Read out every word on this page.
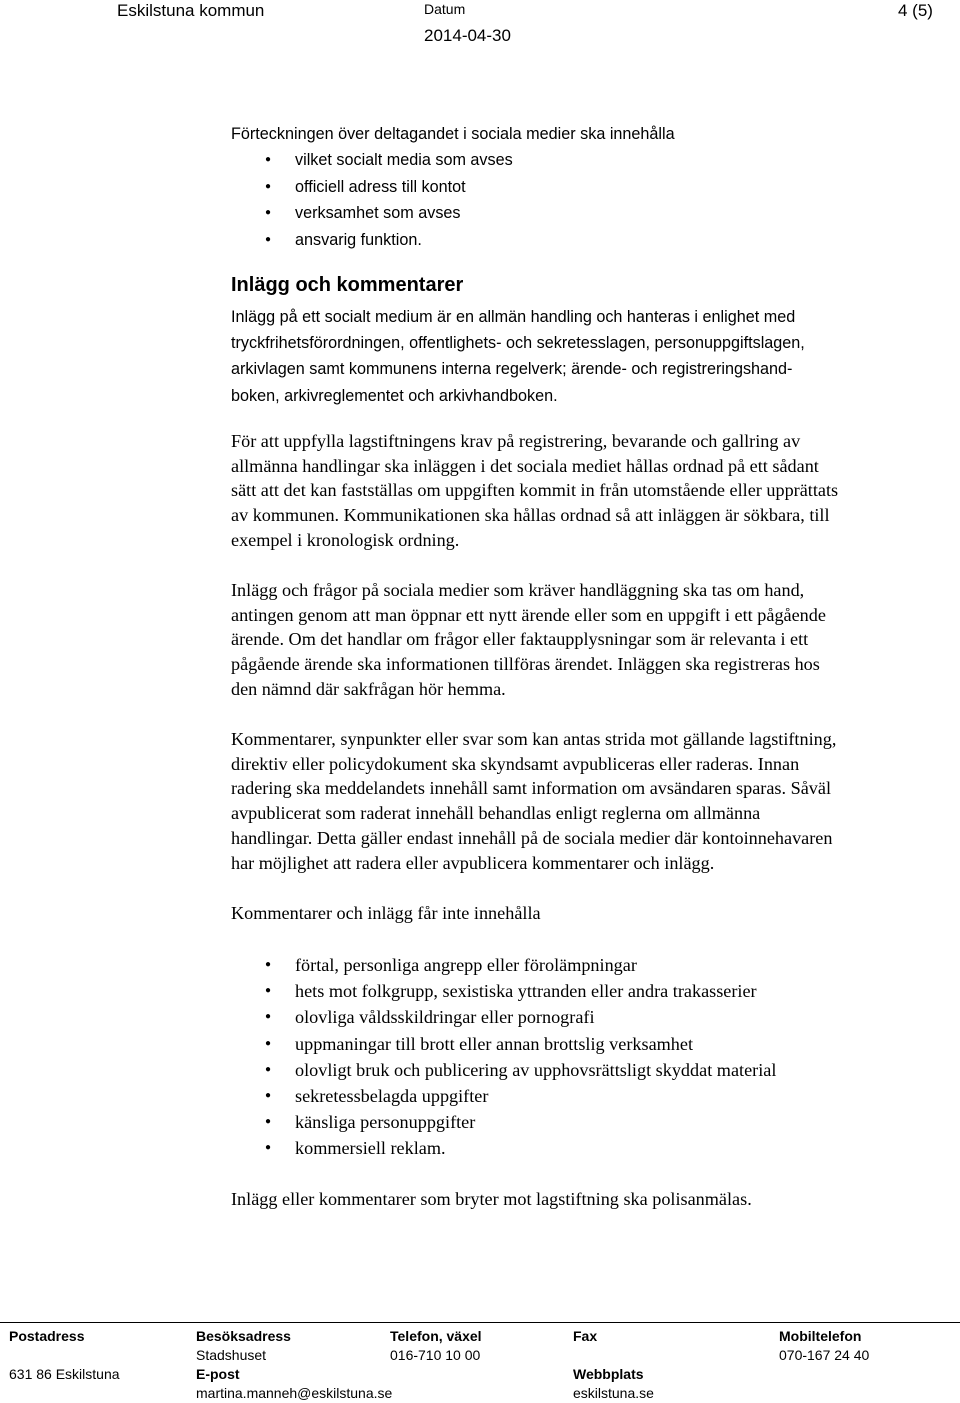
Eskilstuna kommun	Datum
2014-04-30
4 (5)
Förteckningen över deltagandet i sociala medier ska innehålla
● vilket socialt media som avses
● officiell adress till kontot
● verksamhet som avses
● ansvarig funktion.
Inlägg och kommentarer

Inlägg på ett socialt medium är en allmän handling och hanteras i enlighet med

tryckfrihetsförordningen, offentlighets- och sekretesslagen, personuppgiftslagen,

arkivlagen samt kommunens interna regelverk; ärende- och registreringshand-

boken, arkivreglementet och arkivhandboken.

För att uppfylla lagstiftningens krav på registrering, bevarande och gallring av

allmänna handlingar ska inläggen i det sociala mediet hållas ordnad på ett sådant

sätt att det kan fastställas om uppgiften kommit in från utomstående eller upprättats

av kommunen. Kommunikationen ska hållas ordnad så att inläggen är sökbara, till

exempel i kronologisk ordning.

Inlägg och frågor på sociala medier som kräver handläggning ska tas om hand,

antingen genom att man öppnar ett nytt ärende eller som en uppgift i ett pågående

ärende. Om det handlar om frågor eller faktaupplysningar som är relevanta i ett

pågående ärende ska informationen tillföras ärendet. Inläggen ska registreras hos

den nämnd där sakfrågan hör hemma.

Kommentarer, synpunkter eller svar som kan antas strida mot gällande lagstiftning,

direktiv eller policydokument ska skyndsamt avpubliceras eller raderas. Innan

radering ska meddelandets innehåll samt information om avsändaren sparas. Såväl

avpublicerat som raderat innehåll behandlas enligt reglerna om allmänna

handlingar. Detta gäller endast innehåll på de sociala medier där kontoinnehavaren

har möjlighet att radera eller avpublicera kommentarer och inlägg.

Kommentarer och inlägg får inte innehålla
● förtal, personliga angrepp eller förolämpningar
● hets mot folkgrupp, sexistiska yttranden eller andra trakasserier
● olovliga våldsskildringar eller pornografi
● uppmaningar till brott eller annan brottslig verksamhet
● olovligt bruk och publicering av upphovsrättsligt skyddat material
● sekretessbelagda uppgifter
● känsliga personuppgifter
● kommersiell reklam.
Inlägg eller kommentarer som bryter mot lagstiftning ska polisanmälas.
Postadress

631 86 Eskilstuna
Besöksadress
Stadshuset
E-post
martina.manneh@eskilstuna.se
Telefon, växel
016-710 10 00
Fax

Webbplats
eskilstuna.se
Mobiltelefon
070-167 24 40
